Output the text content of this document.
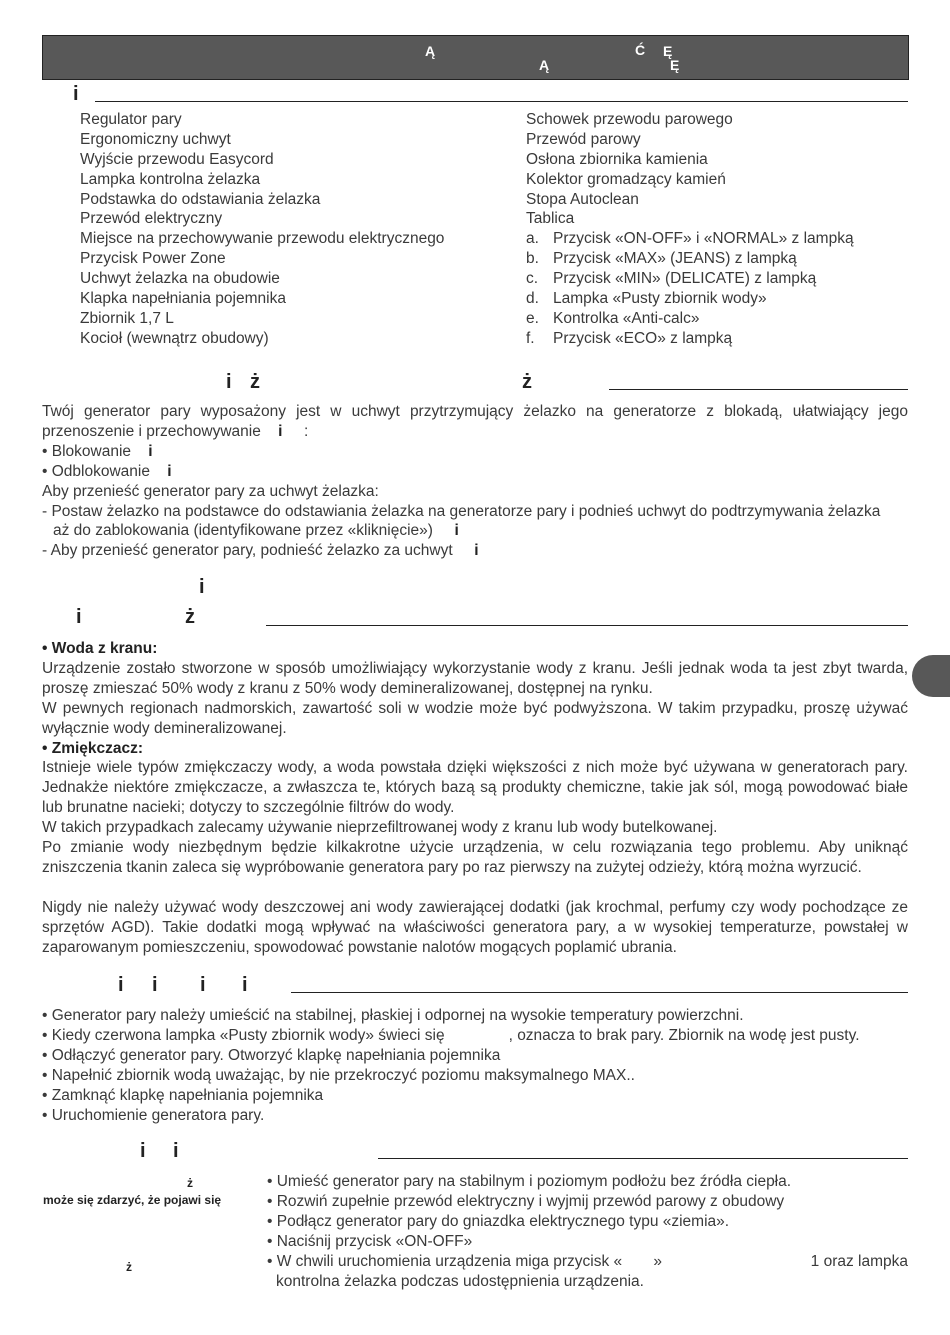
Ą	Ć Ę
Ą	Ę
i
Regulator pary
Ergonomiczny uchwyt
Wyjście przewodu Easycord
Lampka kontrolna żelazka
Podstawka do odstawiania żelazka
Przewód elektryczny
Miejsce na przechowywanie przewodu elektrycznego
Przycisk Power Zone
Uchwyt żelazka na obudowie
Klapka napełniania pojemnika
Zbiornik 1,7 L
Kocioł (wewnątrz obudowy)
Schowek przewodu parowego
Przewód parowy
Osłona zbiornika kamienia
Kolektor gromadzący kamień
Stopa Autoclean
Tablica
a. Przycisk «ON-OFF» i «NORMAL» z lampką
b. Przycisk «MAX» (JEANS) z lampką
c. Przycisk «MIN» (DELICATE) z lampką
d. Lampka «Pusty zbiornik wody»
e. Kontrolka «Anti-calc»
f. Przycisk «ECO» z lampką
i ż	ż

Twój generator pary wyposażony jest w uchwyt przytrzymujący żelazko na generatorze z blokadą, ułatwiający jego przenoszenie i przechowywanie i :

• Blokowanie i

• Odblokowanie i

Aby przenieść generator pary za uchwyt żelazka:

- Postaw żelazko na podstawce do odstawiania żelazka na generatorze pary i podnieś uchwyt do podtrzymywania żelazka

aż do zablokowania (identyfikowane przez «kliknięcie») i

- Aby przenieść generator pary, podnieść żelazko za uchwyt i

i
i	ż

• Woda z kranu:

Urządzenie zostało stworzone w sposób umożliwiający wykorzystanie wody z kranu. Jeśli jednak woda ta jest zbyt twarda, proszę zmieszać 50% wody z kranu z 50% wody demineralizowanej, dostępnej na rynku.

W pewnych regionach nadmorskich, zawartość soli w wodzie może być podwyższona. W takim przypadku, proszę używać wyłącznie wody demineralizowanej.

• Zmiękczacz:

Istnieje wiele typów zmiękczaczy wody, a woda powstała dzięki większości z nich może być używana w generatorach pary. Jednakże niektóre zmiękczacze, a zwłaszcza te, których bazą są produkty chemiczne, takie jak sól, mogą powodować białe lub brunatne nacieki; dotyczy to szczególnie filtrów do wody.

W takich przypadkach zalecamy używanie nieprzefiltrowanej wody z kranu lub wody butelkowanej.

Po zmianie wody niezbędnym będzie kilkakrotne użycie urządzenia, w celu rozwiązania tego problemu. Aby uniknąć zniszczenia tkanin zaleca się wypróbowanie generatora pary po raz pierwszy na zużytej odzieży, którą można wyrzucić.

Nigdy nie należy używać wody deszczowej ani wody zawierającej dodatki (jak krochmal, perfumy czy wody pochodzące ze sprzętów AGD). Takie dodatki mogą wpływać na właściwości generatora pary, a w wysokiej temperaturze, powstałej w zaparowanym pomieszczeniu, spowodować powstanie nalotów mogących poplamić ubrania.

i i i i

• Generator pary należy umieścić na stabilnej, płaskiej i odpornej na wysokie temperatury powierzchni.

• Kiedy czerwona lampka «Pusty zbiornik wody» świeci się	, oznacza to brak pary. Zbiornik na wodę jest pusty.

• Odłączyć generator pary. Otworzyć klapkę napełniania pojemnika

• Napełnić zbiornik wodą uważając, by nie przekroczyć poziomu maksymalnego MAX..

• Zamknąć klapkę napełniania pojemnika

• Uruchomienie generatora pary.

i i
ż
może się zdarzyć, że pojawi się
ż

• Umieść generator pary na stabilnym i poziomym podłożu bez źródła ciepła.

• Rozwiń zupełnie przewód elektryczny i wyjmij przewód parowy z obudowy

• Podłącz generator pary do gniazdka elektrycznego typu «ziemia».

• Naciśnij przycisk «ON-OFF»

• W chwili uruchomienia urządzenia miga przycisk « »	1 oraz lampka

kontrolna żelazka podczas udostępnienia urządzenia.
